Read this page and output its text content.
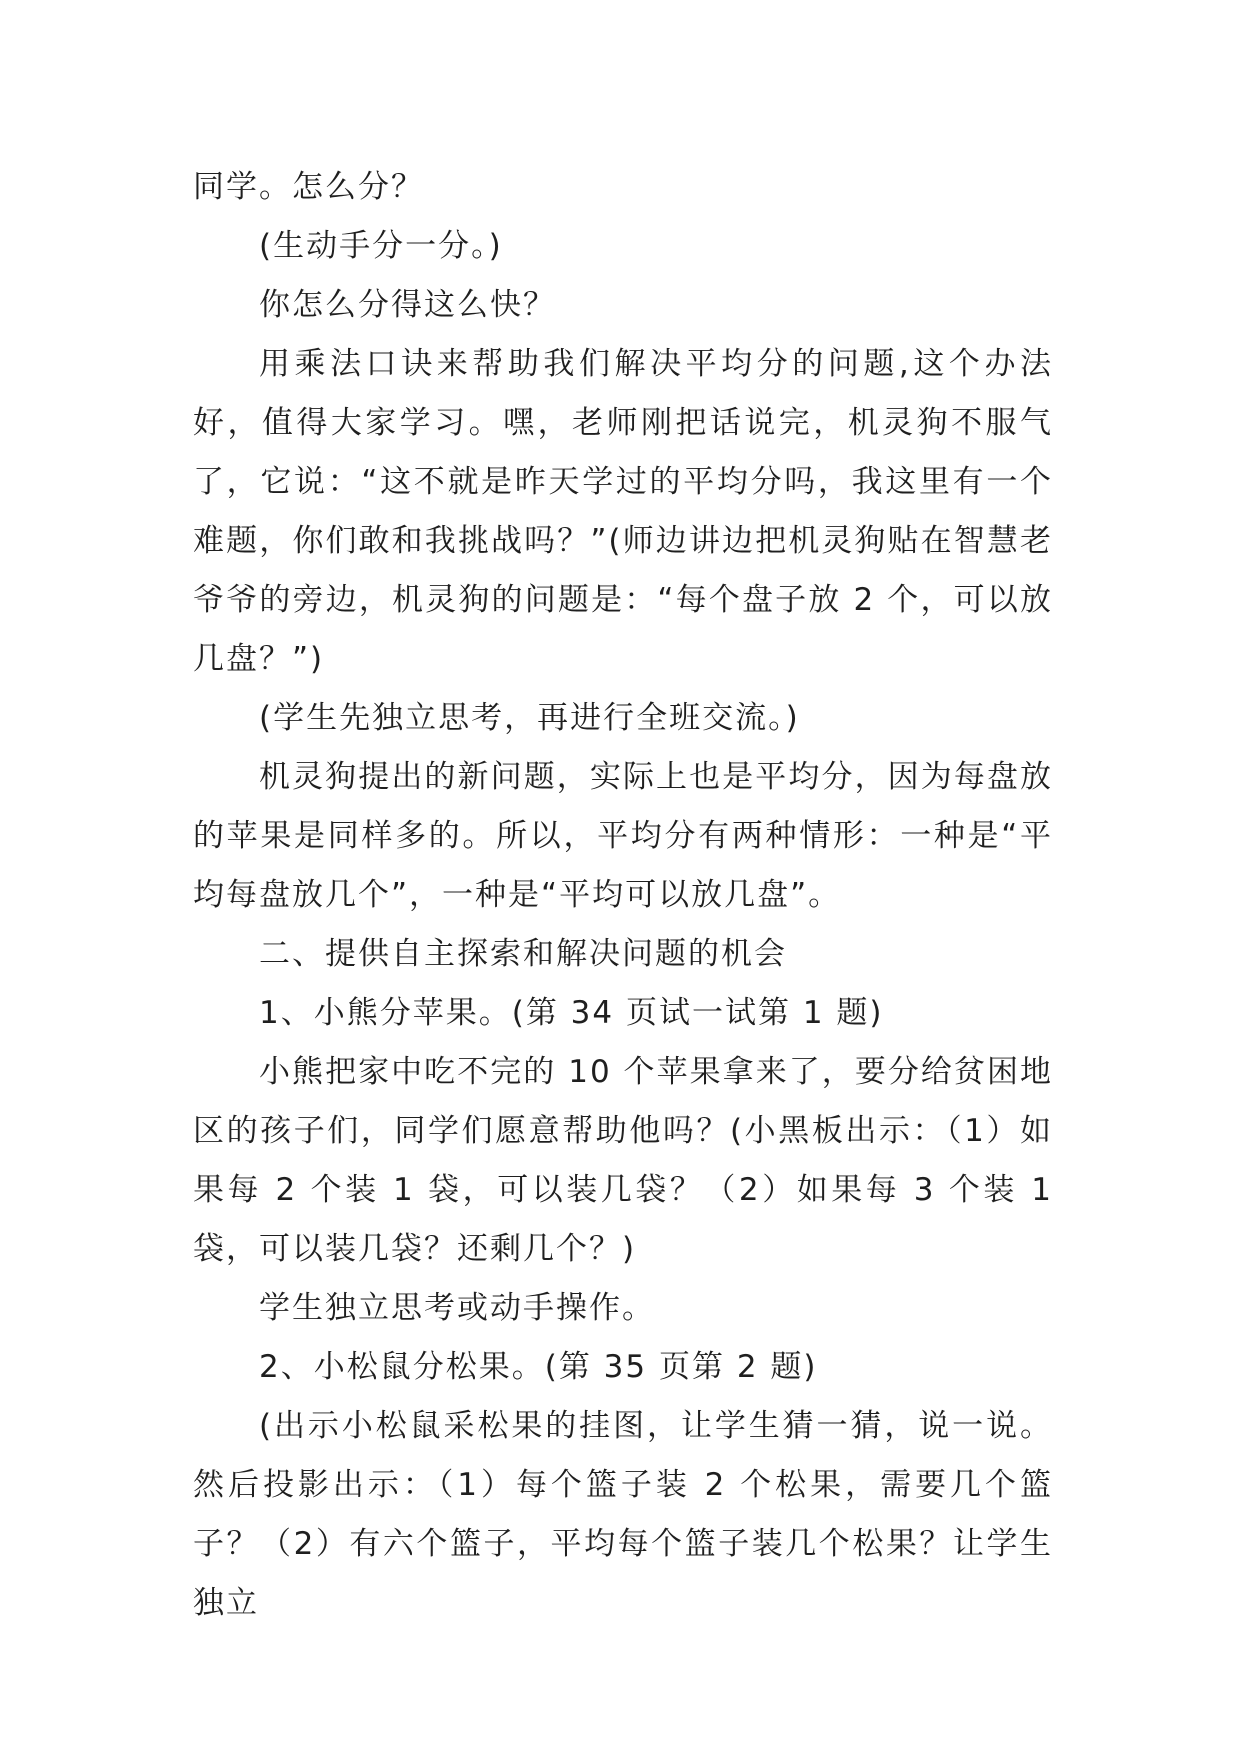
同学。怎么分？

(生动手分一分。)

你怎么分得这么快？

用乘法口诀来帮助我们解决平均分的问题,这个办法好，值得大家学习。嘿，老师刚把话说完，机灵狗不服气了，它说：“这不就是昨天学过的平均分吗，我这里有一个难题，你们敢和我挑战吗？”(师边讲边把机灵狗贴在智慧老爷爷的旁边，机灵狗的问题是：“每个盘子放 2 个，可以放几盘？”)

(学生先独立思考，再进行全班交流。)

机灵狗提出的新问题，实际上也是平均分，因为每盘放的苹果是同样多的。所以，平均分有两种情形：一种是“平均每盘放几个”，一种是“平均可以放几盘”。

二、提供自主探索和解决问题的机会

1、小熊分苹果。(第 34 页试一试第 1 题)

小熊把家中吃不完的 10 个苹果拿来了，要分给贫困地区的孩子们，同学们愿意帮助他吗？(小黑板出示：（1）如果每 2 个装 1 袋，可以装几袋？（2）如果每 3 个装 1 袋，可以装几袋？还剩几个？)

学生独立思考或动手操作。

2、小松鼠分松果。(第 35 页第 2 题)

(出示小松鼠采松果的挂图，让学生猜一猜，说一说。然后投影出示：（1）每个篮子装 2 个松果，需要几个篮子？（2）有六个篮子，平均每个篮子装几个松果？让学生独立
